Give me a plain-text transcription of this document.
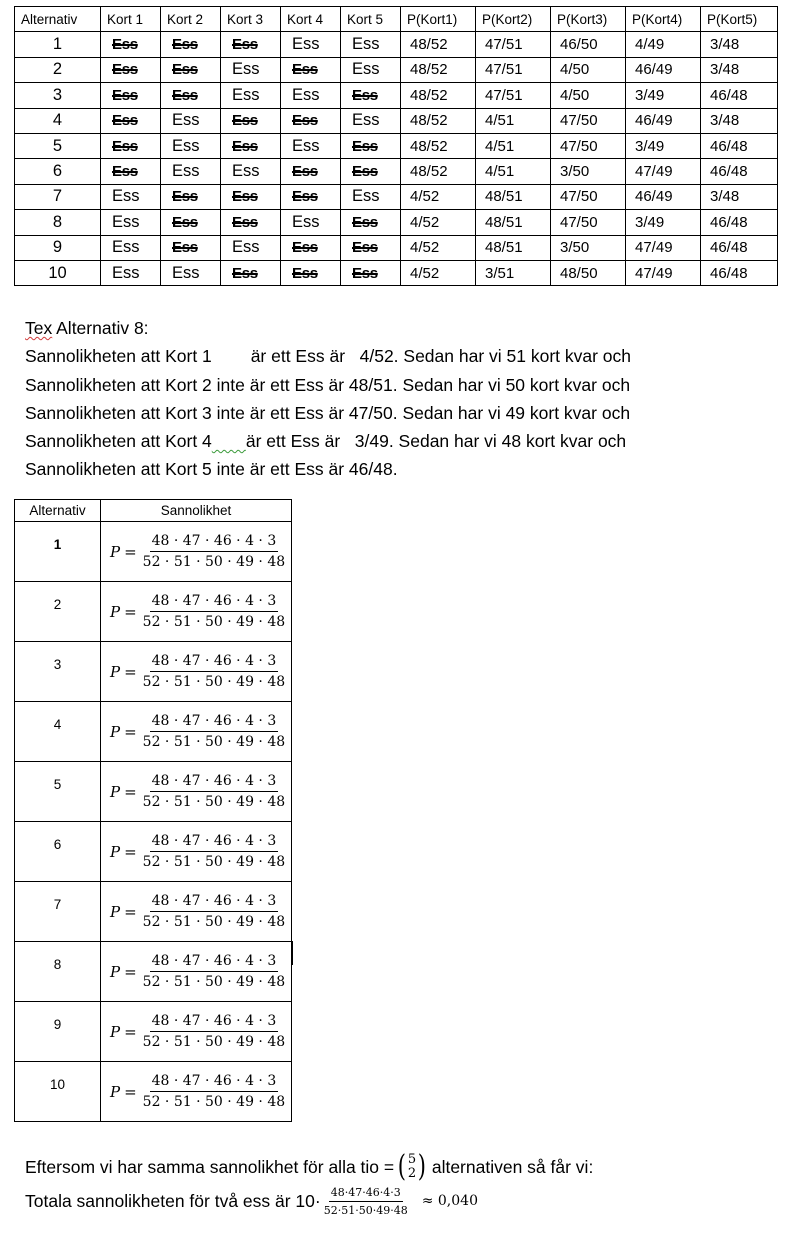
Alternativ	Kort 1	Kort 2	Kort 3	Kort 4	Kort 5	P(Kort1)	P(Kort2)	P(Kort3)	P(Kort4)	P(Kort5)
1	Ess	Ess	Ess	Ess	Ess	48/52	47/51	46/50	4/49	3/48
2	Ess	Ess	Ess	Ess	Ess	48/52	47/51	4/50	46/49	3/48
3	Ess	Ess	Ess	Ess	Ess	48/52	47/51	4/50	3/49	46/48
4	Ess	Ess	Ess	Ess	Ess	48/52	4/51	47/50	46/49	3/48
5	Ess	Ess	Ess	Ess	Ess	48/52	4/51	47/50	3/49	46/48
6	Ess	Ess	Ess	Ess	Ess	48/52	4/51	3/50	47/49	46/48
7	Ess	Ess	Ess	Ess	Ess	4/52	48/51	47/50	46/49	3/48
8	Ess	Ess	Ess	Ess	Ess	4/52	48/51	47/50	3/49	46/48
9	Ess	Ess	Ess	Ess	Ess	4/52	48/51	3/50	47/49	46/48
10	Ess	Ess	Ess	Ess	Ess	4/52	3/51	48/50	47/49	46/48
Tex Alternativ 8:
Sannolikheten att Kort 1        är ett Ess är   4/52. Sedan har vi 51 kort kvar och
Sannolikheten att Kort 2 inte är ett Ess är 48/51. Sedan har vi 50 kort kvar och
Sannolikheten att Kort 3 inte är ett Ess är 47/50. Sedan har vi 49 kort kvar och
Sannolikheten att Kort 4 är ett Ess är   3/49. Sedan har vi 48 kort kvar och
Sannolikheten att Kort 5 inte är ett Ess är 46/48.
Alternativ	Sannolikhet
1	$P = \frac{48 \cdot 47 \cdot 46 \cdot 4 \cdot 3}{52 \cdot 51 \cdot 50 \cdot 49 \cdot 48}$

2	$P = \frac{48 \cdot 47 \cdot 46 \cdot 4 \cdot 3}{52 \cdot 51 \cdot 50 \cdot 49 \cdot 48}$

3	$P = \frac{48 \cdot 47 \cdot 46 \cdot 4 \cdot 3}{52 \cdot 51 \cdot 50 \cdot 49 \cdot 48}$

4	$P = \frac{48 \cdot 47 \cdot 46 \cdot 4 \cdot 3}{52 \cdot 51 \cdot 50 \cdot 49 \cdot 48}$

5	$P = \frac{48 \cdot 47 \cdot 46 \cdot 4 \cdot 3}{52 \cdot 51 \cdot 50 \cdot 49 \cdot 48}$

6	$P = \frac{48 \cdot 47 \cdot 46 \cdot 4 \cdot 3}{52 \cdot 51 \cdot 50 \cdot 49 \cdot 48}$

7	$P = \frac{48 \cdot 47 \cdot 46 \cdot 4 \cdot 3}{52 \cdot 51 \cdot 50 \cdot 49 \cdot 48}$

8	$P = \frac{48 \cdot 47 \cdot 46 \cdot 4 \cdot 3}{52 \cdot 51 \cdot 50 \cdot 49 \cdot 48}$

9	$P = \frac{48 \cdot 47 \cdot 46 \cdot 4 \cdot 3}{52 \cdot 51 \cdot 50 \cdot 49 \cdot 48}$

10	$P = \frac{48 \cdot 47 \cdot 46 \cdot 4 \cdot 3}{52 \cdot 51 \cdot 50 \cdot 49 \cdot 48}$
Eftersom vi har samma sannolikhet för alla tio = ( 5
2 ) alternativen så får vi:
Totala sannolikheten för två ess är $10\cdot \frac{48\cdot 47\cdot 46\cdot 4\cdot 3}{52\cdot 51\cdot 50\cdot 49\cdot 48} \approx 0,040$
